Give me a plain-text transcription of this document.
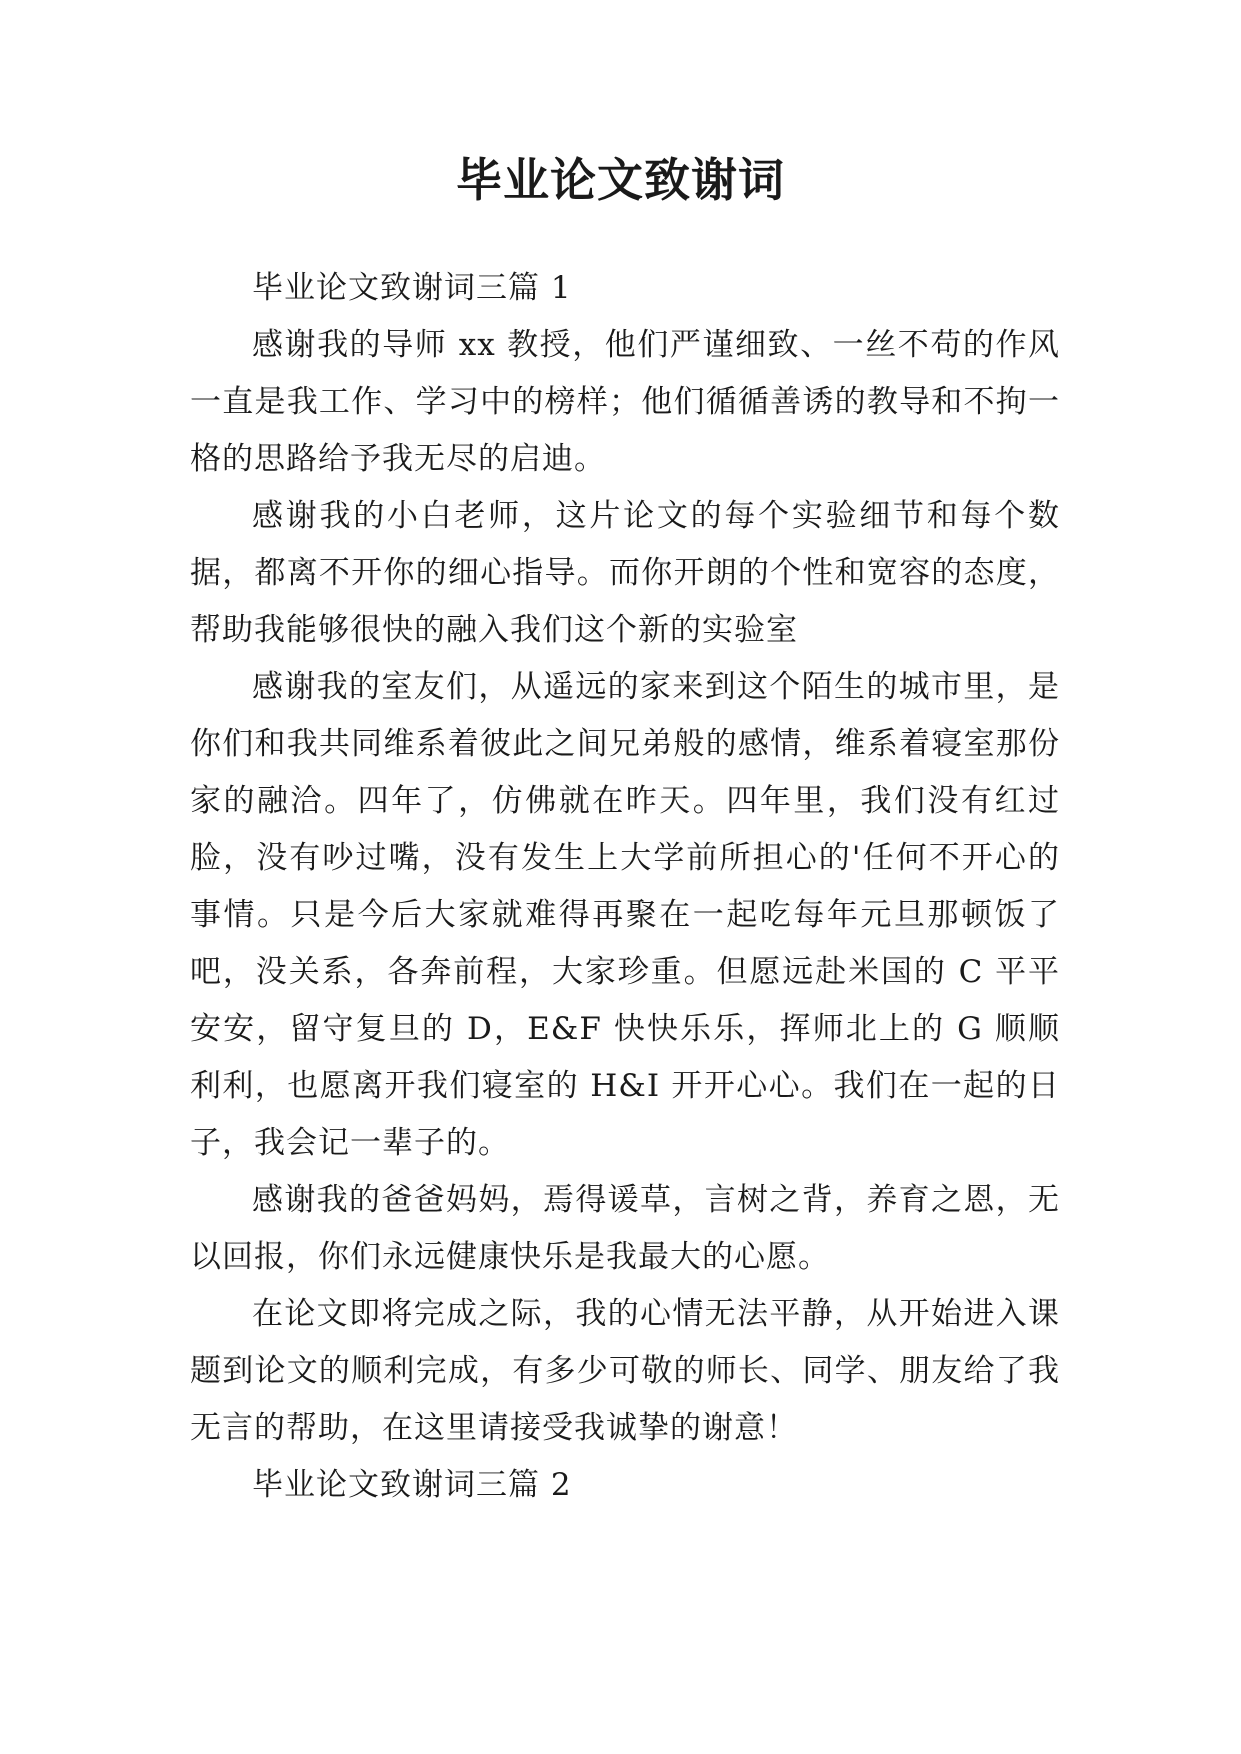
毕业论文致谢词

毕业论文致谢词三篇 1

感谢我的导师 xx 教授，他们严谨细致、一丝不苟的作风一直是我工作、学习中的榜样；他们循循善诱的教导和不拘一格的思路给予我无尽的启迪。

感谢我的小白老师，这片论文的每个实验细节和每个数据，都离不开你的细心指导。而你开朗的个性和宽容的态度，帮助我能够很快的融入我们这个新的实验室

感谢我的室友们，从遥远的家来到这个陌生的城市里，是你们和我共同维系着彼此之间兄弟般的感情，维系着寝室那份家的融洽。四年了，仿佛就在昨天。四年里，我们没有红过脸，没有吵过嘴，没有发生上大学前所担心的'任何不开心的事情。只是今后大家就难得再聚在一起吃每年元旦那顿饭了吧，没关系，各奔前程，大家珍重。但愿远赴米国的 C 平平安安，留守复旦的 D，E&F 快快乐乐，挥师北上的 G 顺顺利利，也愿离开我们寝室的 H&I 开开心心。我们在一起的日子，我会记一辈子的。

感谢我的爸爸妈妈，焉得谖草，言树之背，养育之恩，无以回报，你们永远健康快乐是我最大的心愿。

在论文即将完成之际，我的心情无法平静，从开始进入课题到论文的顺利完成，有多少可敬的师长、同学、朋友给了我无言的帮助，在这里请接受我诚挚的谢意！

毕业论文致谢词三篇 2
